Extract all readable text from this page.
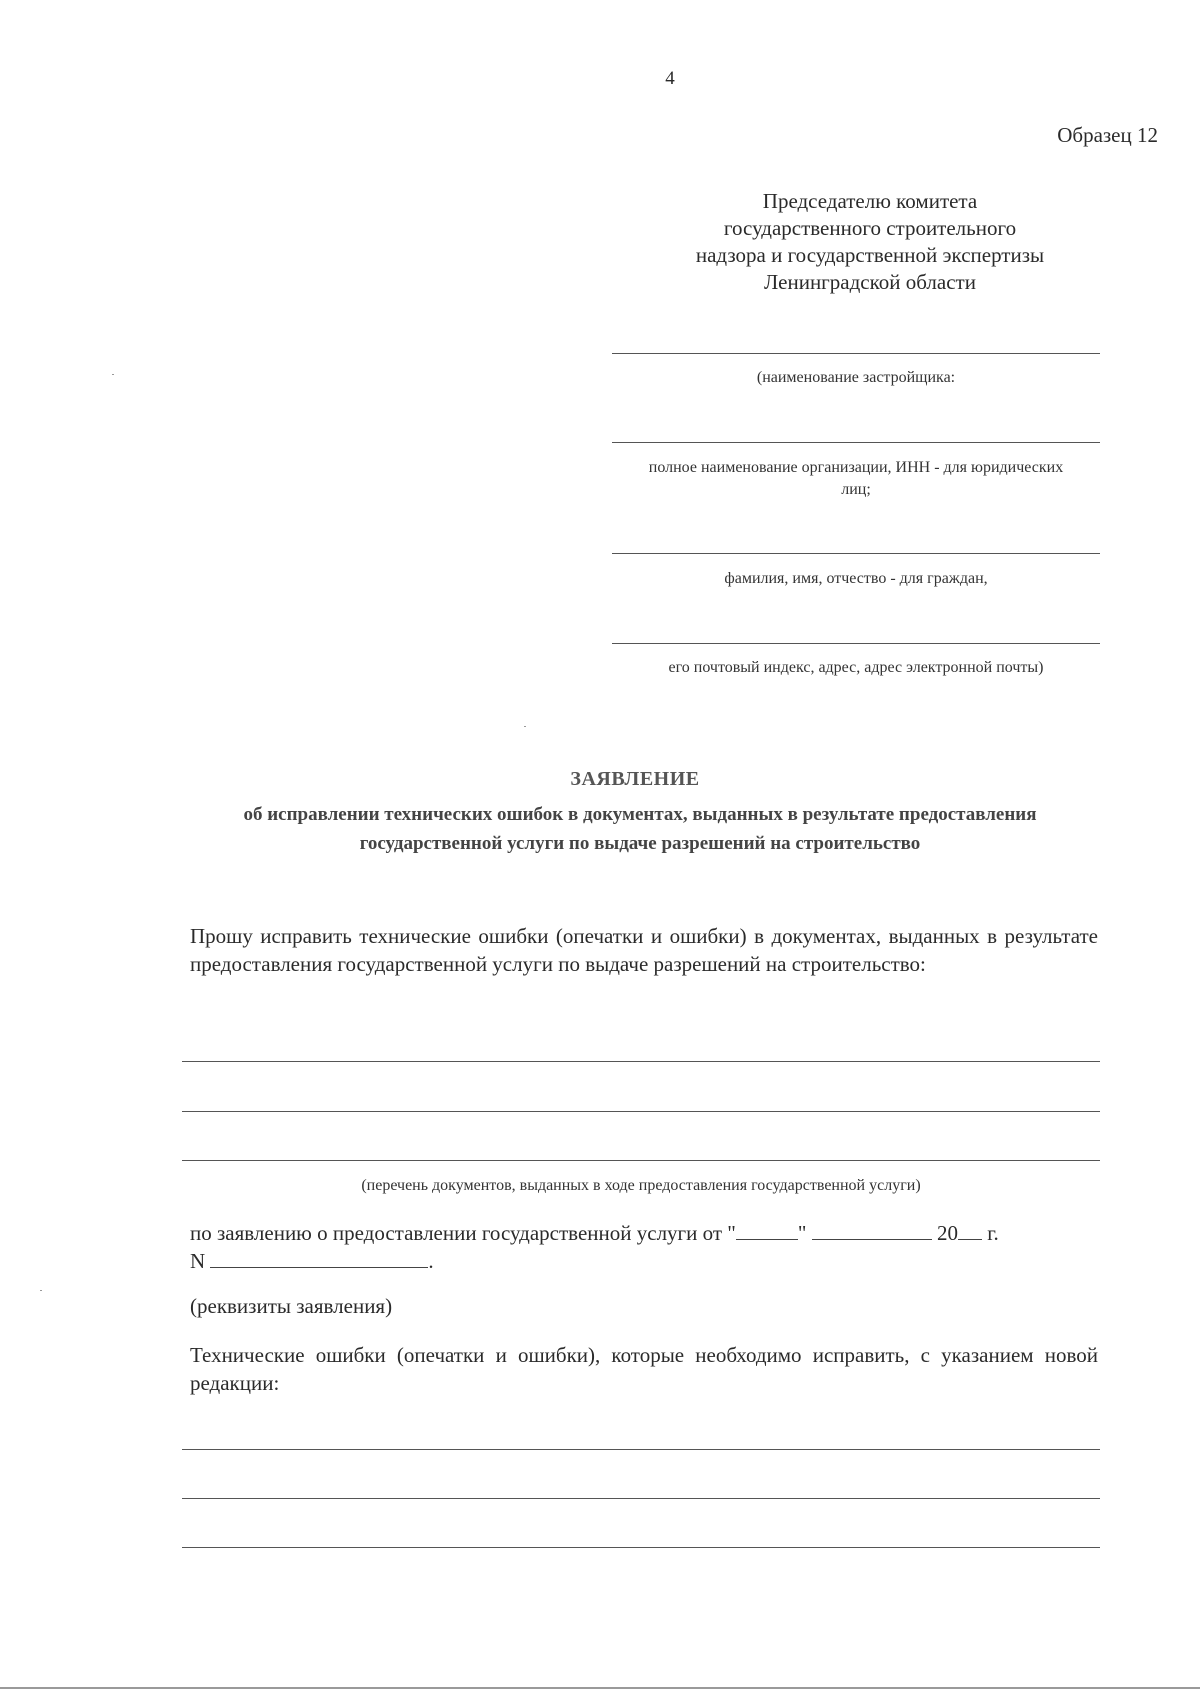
4
Образец 12
Председателю комитета
государственного строительного
надзора и государственной экспертизы
Ленинградской области
(наименование застройщика:
полное наименование организации, ИНН - для юридических лиц;
фамилия, имя, отчество - для граждан,
его почтовый индекс, адрес, адрес электронной почты)
ЗАЯВЛЕНИЕ
об исправлении технических ошибок в документах, выданных в результате предоставления государственной услуги по выдаче разрешений на строительство
Прошу исправить технические ошибки (опечатки и ошибки) в документах, выданных в результате предоставления государственной услуги по выдаче разрешений на строительство:
(перечень документов, выданных в ходе предоставления государственной услуги)
по заявлению о предоставлении государственной услуги от "	"	20 г.
N	.
(реквизиты заявления)
Технические ошибки (опечатки и ошибки), которые необходимо исправить, с указанием новой редакции:
